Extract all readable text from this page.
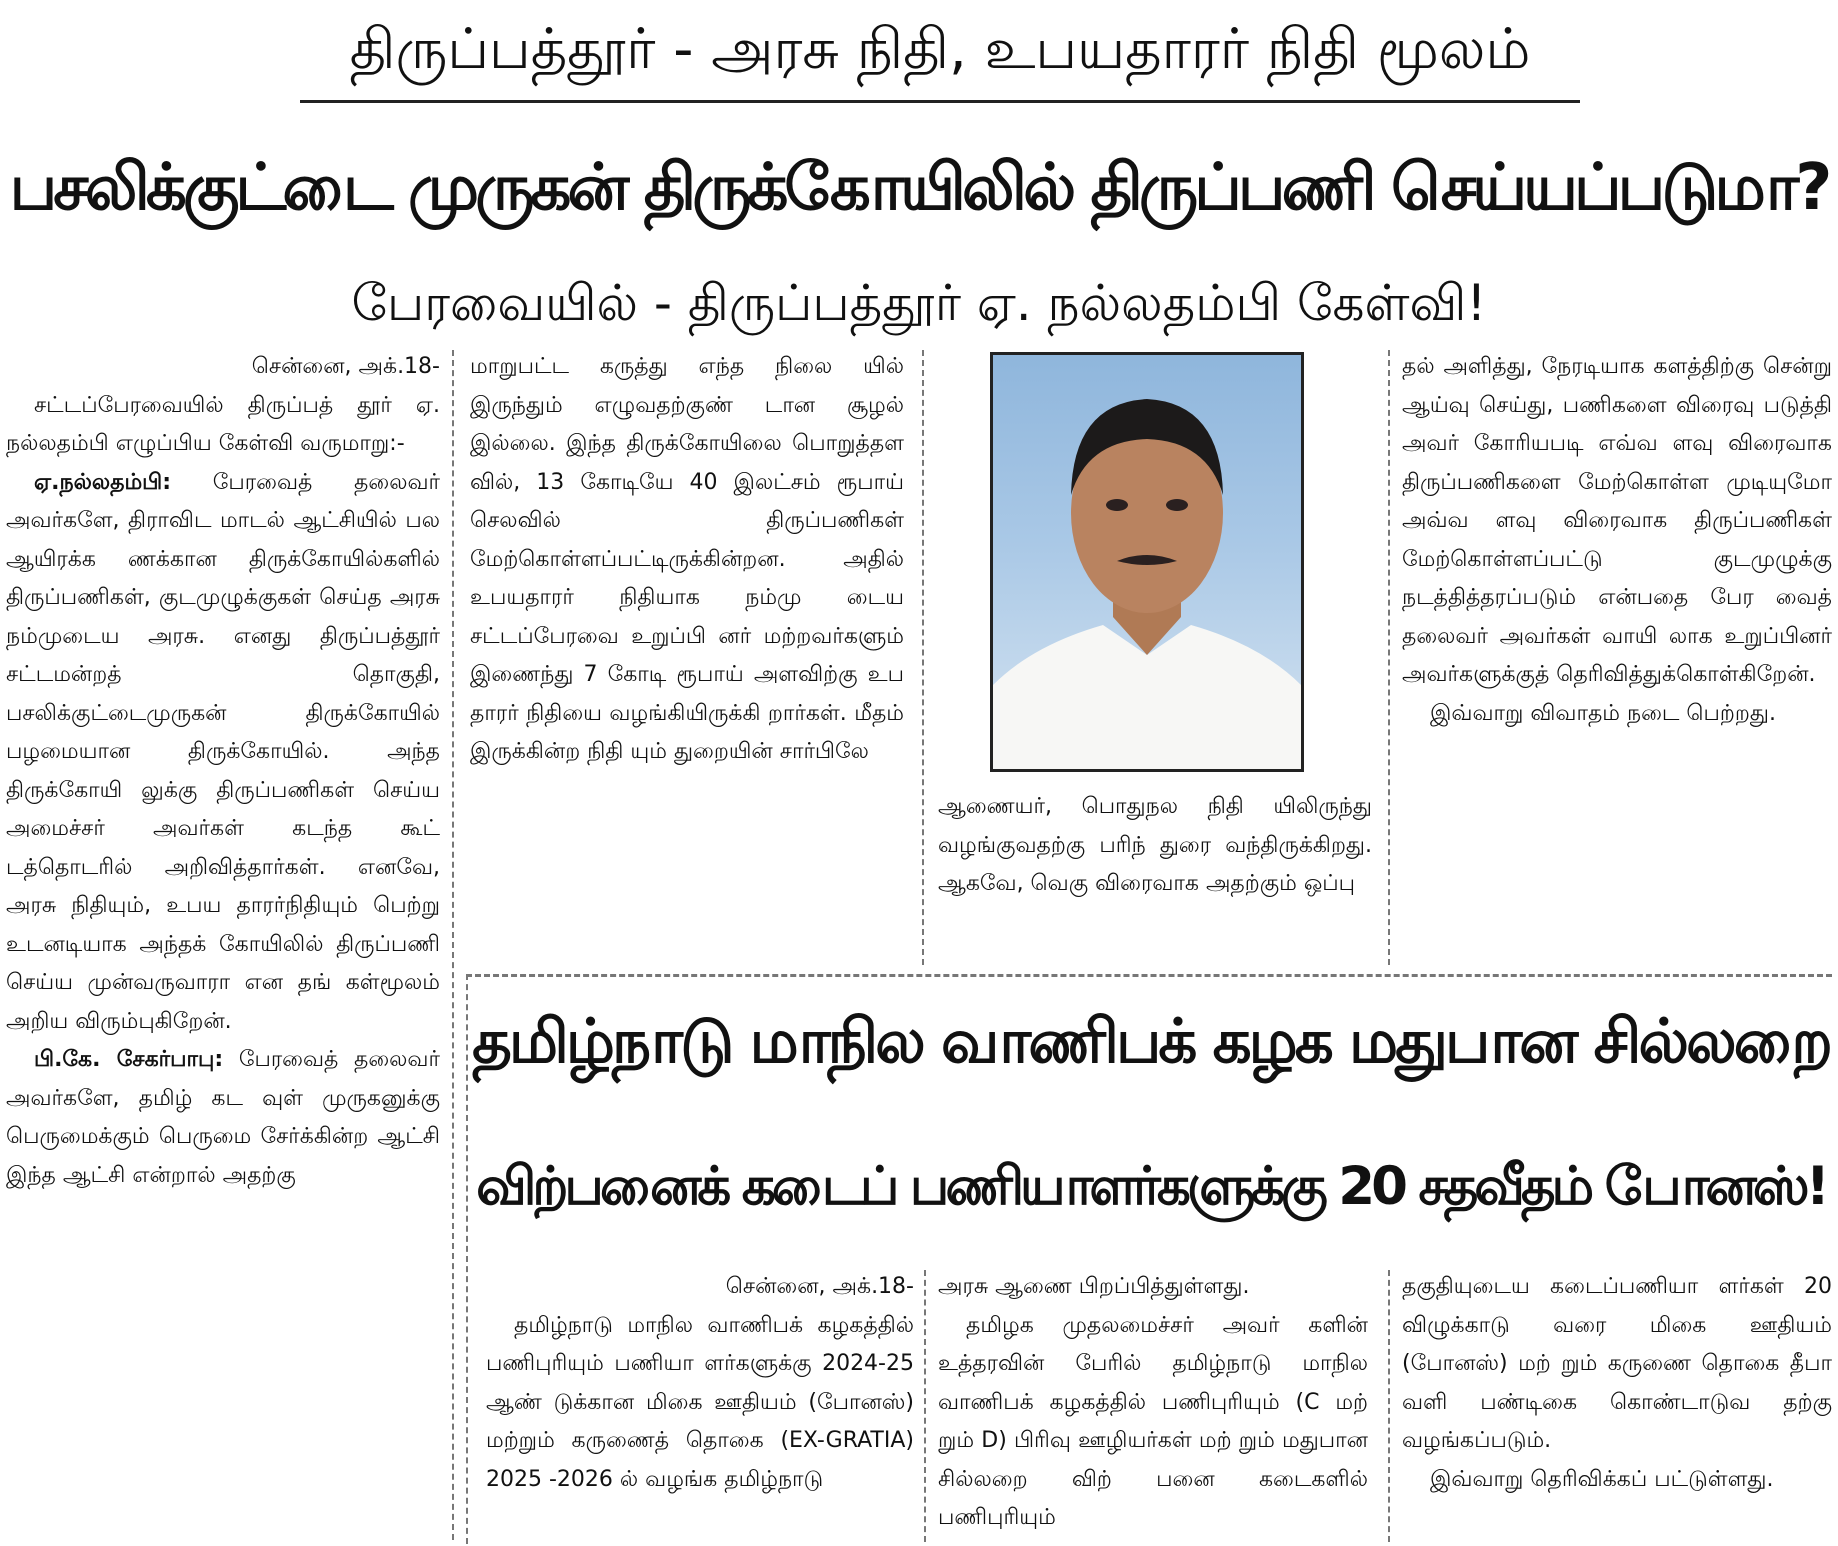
திருப்பத்தூர் - அரசு நிதி, உபயதாரர் நிதி மூலம்
பசலிக்குட்டை முருகன் திருக்கோயிலில் திருப்பணி செய்யப்படுமா?
பேரவையில் - திருப்பத்தூர் ஏ. நல்லதம்பி கேள்வி!

சென்னை, அக்.18-

சட்டப்பேரவையில் திருப்பத் தூர் ஏ. நல்லதம்பி எழுப்பிய கேள்வி வருமாறு:-

ஏ.நல்லதம்பி: பேரவைத் தலைவர் அவர்களே, திராவிட மாடல் ஆட்சியில் பல ஆயிரக்க ணக்கான திருக்கோயில்களில் திருப்பணிகள், குடமுழுக்குகள் செய்த அரசு நம்முடைய அரசு. எனது திருப்பத்தூர் சட்டமன்றத் தொகுதி, பசலிக்குட்டைமுருகன் திருக்கோயில் பழமையான திருக்கோயில். அந்த திருக்கோயி லுக்கு திருப்பணிகள் செய்ய அமைச்சர் அவர்கள் கடந்த கூட் டத்தொடரில் அறிவித்தார்கள். எனவே, அரசு நிதியும், உபய தாரர்நிதியும் பெற்று உடனடியாக அந்தக் கோயிலில் திருப்பணி செய்ய முன்வருவாரா என தங் கள்மூலம் அறிய விரும்புகிறேன்.

பி.கே. சேகர்பாபு: பேரவைத் தலைவர் அவர்களே, தமிழ் கட வுள் முருகனுக்கு பெருமைக்கும் பெருமை சேர்க்கின்ற ஆட்சி இந்த ஆட்சி என்றால் அதற்கு

மாறுபட்ட கருத்து எந்த நிலை யில் இருந்தும் எழுவதற்குண் டான சூழல் இல்லை. இந்த திருக்கோயிலை பொறுத்தள வில், 13 கோடியே 40 இலட்சம் ரூபாய் செலவில் திருப்பணிகள் மேற்கொள்ளப்பட்டிருக்கின்றன. அதில் உபயதாரர் நிதியாக நம்மு டைய சட்டப்பேரவை உறுப்பி னர் மற்றவர்களும் இணைந்து 7 கோடி ரூபாய் அளவிற்கு உப தாரர் நிதியை வழங்கியிருக்கி றார்கள். மீதம் இருக்கின்ற நிதி யும் துறையின் சார்பிலே

ஆணையர், பொதுநல நிதி யிலிருந்து வழங்குவதற்கு பரிந் துரை வந்திருக்கிறது. ஆகவே, வெகு விரைவாக அதற்கும் ஒப்பு

தல் அளித்து, நேரடியாக களத்திற்கு சென்று ஆய்வு செய்து, பணிகளை விரைவு படுத்தி அவர் கோரியபடி எவ்வ ளவு விரைவாக திருப்பணிகளை மேற்கொள்ள முடியுமோ அவ்வ ளவு விரைவாக திருப்பணிகள் மேற்கொள்ளப்பட்டு குடமுழுக்கு நடத்தித்தரப்படும் என்பதை பேர வைத் தலைவர் அவர்கள் வாயி லாக உறுப்பினர் அவர்களுக்குத் தெரிவித்துக்கொள்கிறேன்.

இவ்வாறு விவாதம் நடை பெற்றது.

தமிழ்நாடு மாநில வாணிபக் கழக மதுபான சில்லறை
விற்பனைக் கடைப் பணியாளர்களுக்கு 20 சதவீதம் போனஸ்!

சென்னை, அக்.18-

தமிழ்நாடு மாநில வாணிபக் கழகத்தில் பணிபுரியும் பணியா ளர்களுக்கு 2024-25 ஆண் டுக்கான மிகை ஊதியம் (போனஸ்) மற்றும் கருணைத் தொகை (EX-GRATIA) 2025 -2026 ல் வழங்க தமிழ்நாடு

அரசு ஆணை பிறப்பித்துள்ளது.

தமிழக முதலமைச்சர் அவர் களின் உத்தரவின் பேரில் தமிழ்நாடு மாநில வாணிபக் கழகத்தில் பணிபுரியும் (C மற் றும் D) பிரிவு ஊழியர்கள் மற் றும் மதுபான சில்லறை விற் பனை கடைகளில் பணிபுரியும்

தகுதியுடைய கடைப்பணியா ளர்கள் 20 விழுக்காடு வரை மிகை ஊதியம் (போனஸ்) மற் றும் கருணை தொகை தீபா வளி பண்டிகை கொண்டாடுவ தற்கு வழங்கப்படும்.

இவ்வாறு தெரிவிக்கப் பட்டுள்ளது.
